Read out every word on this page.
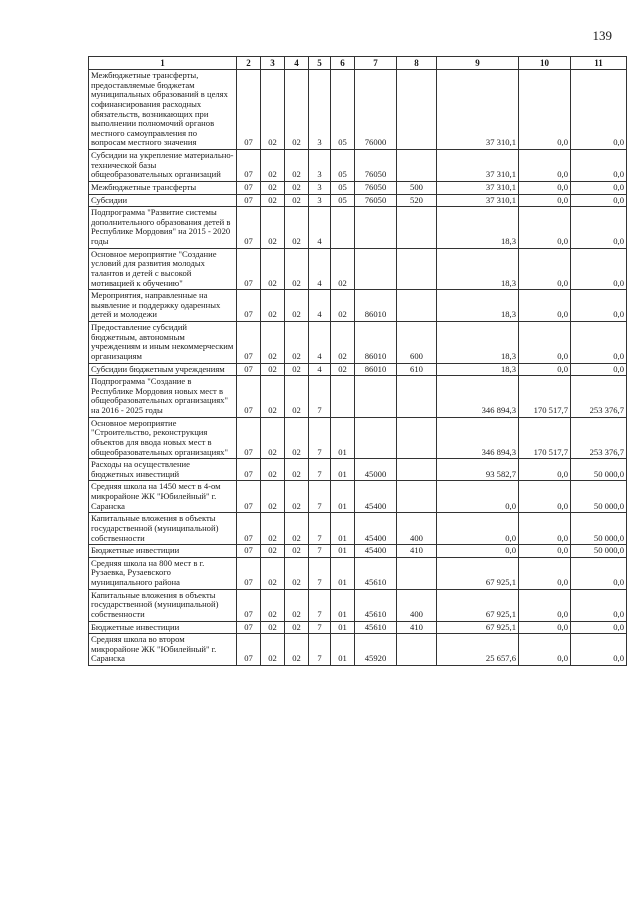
139
1	2	3	4	5	6	7	8	9	10	11
Межбюджетные трансферты, предоставляемые бюджетам муниципальных образований в целях софинансирования расходных обязательств, возникающих при выполнении полномочий органов местного самоуправления по вопросам местного значения	07	02	02	3	05	76000		37 310,1	0,0	0,0
Субсидии на укрепление материально-технической базы общеобразовательных организаций	07	02	02	3	05	76050		37 310,1	0,0	0,0
Межбюджетные трансферты	07	02	02	3	05	76050	500	37 310,1	0,0	0,0
Субсидии	07	02	02	3	05	76050	520	37 310,1	0,0	0,0
Подпрограмма "Развитие системы дополнительного образования детей в Республике Мордовия" на 2015 - 2020 годы	07	02	02	4				18,3	0,0	0,0
Основное мероприятие "Создание условий для развития молодых талантов и детей с высокой мотивацией к обучению"	07	02	02	4	02			18,3	0,0	0,0
Мероприятия, направленные на выявление и поддержку одаренных детей и молодежи	07	02	02	4	02	86010		18,3	0,0	0,0
Предоставление субсидий бюджетным, автономным учреждениям и иным некоммерческим организациям	07	02	02	4	02	86010	600	18,3	0,0	0,0
Субсидии бюджетным учреждениям	07	02	02	4	02	86010	610	18,3	0,0	0,0
Подпрограмма "Создание в Республике Мордовия новых мест в общеобразовательных организациях" на 2016 - 2025 годы	07	02	02	7				346 894,3	170 517,7	253 376,7
Основное мероприятие "Строительство, реконструкция объектов для ввода новых мест в общеобразовательных организациях"	07	02	02	7	01			346 894,3	170 517,7	253 376,7
Расходы на осуществление бюджетных инвестиций	07	02	02	7	01	45000		93 582,7	0,0	50 000,0
Средняя школа на 1450 мест в 4-ом микрорайоне ЖК "Юбилейный" г. Саранска	07	02	02	7	01	45400		0,0	0,0	50 000,0
Капитальные вложения в объекты государственной (муниципальной) собственности	07	02	02	7	01	45400	400	0,0	0,0	50 000,0
Бюджетные инвестиции	07	02	02	7	01	45400	410	0,0	0,0	50 000,0
Средняя школа на 800 мест в г. Рузаевка, Рузаевского муниципального района	07	02	02	7	01	45610		67 925,1	0,0	0,0
Капитальные вложения в объекты государственной (муниципальной) собственности	07	02	02	7	01	45610	400	67 925,1	0,0	0,0
Бюджетные инвестиции	07	02	02	7	01	45610	410	67 925,1	0,0	0,0
Средняя школа во втором микрорайоне ЖК "Юбилейный" г. Саранска	07	02	02	7	01	45920		25 657,6	0,0	0,0
